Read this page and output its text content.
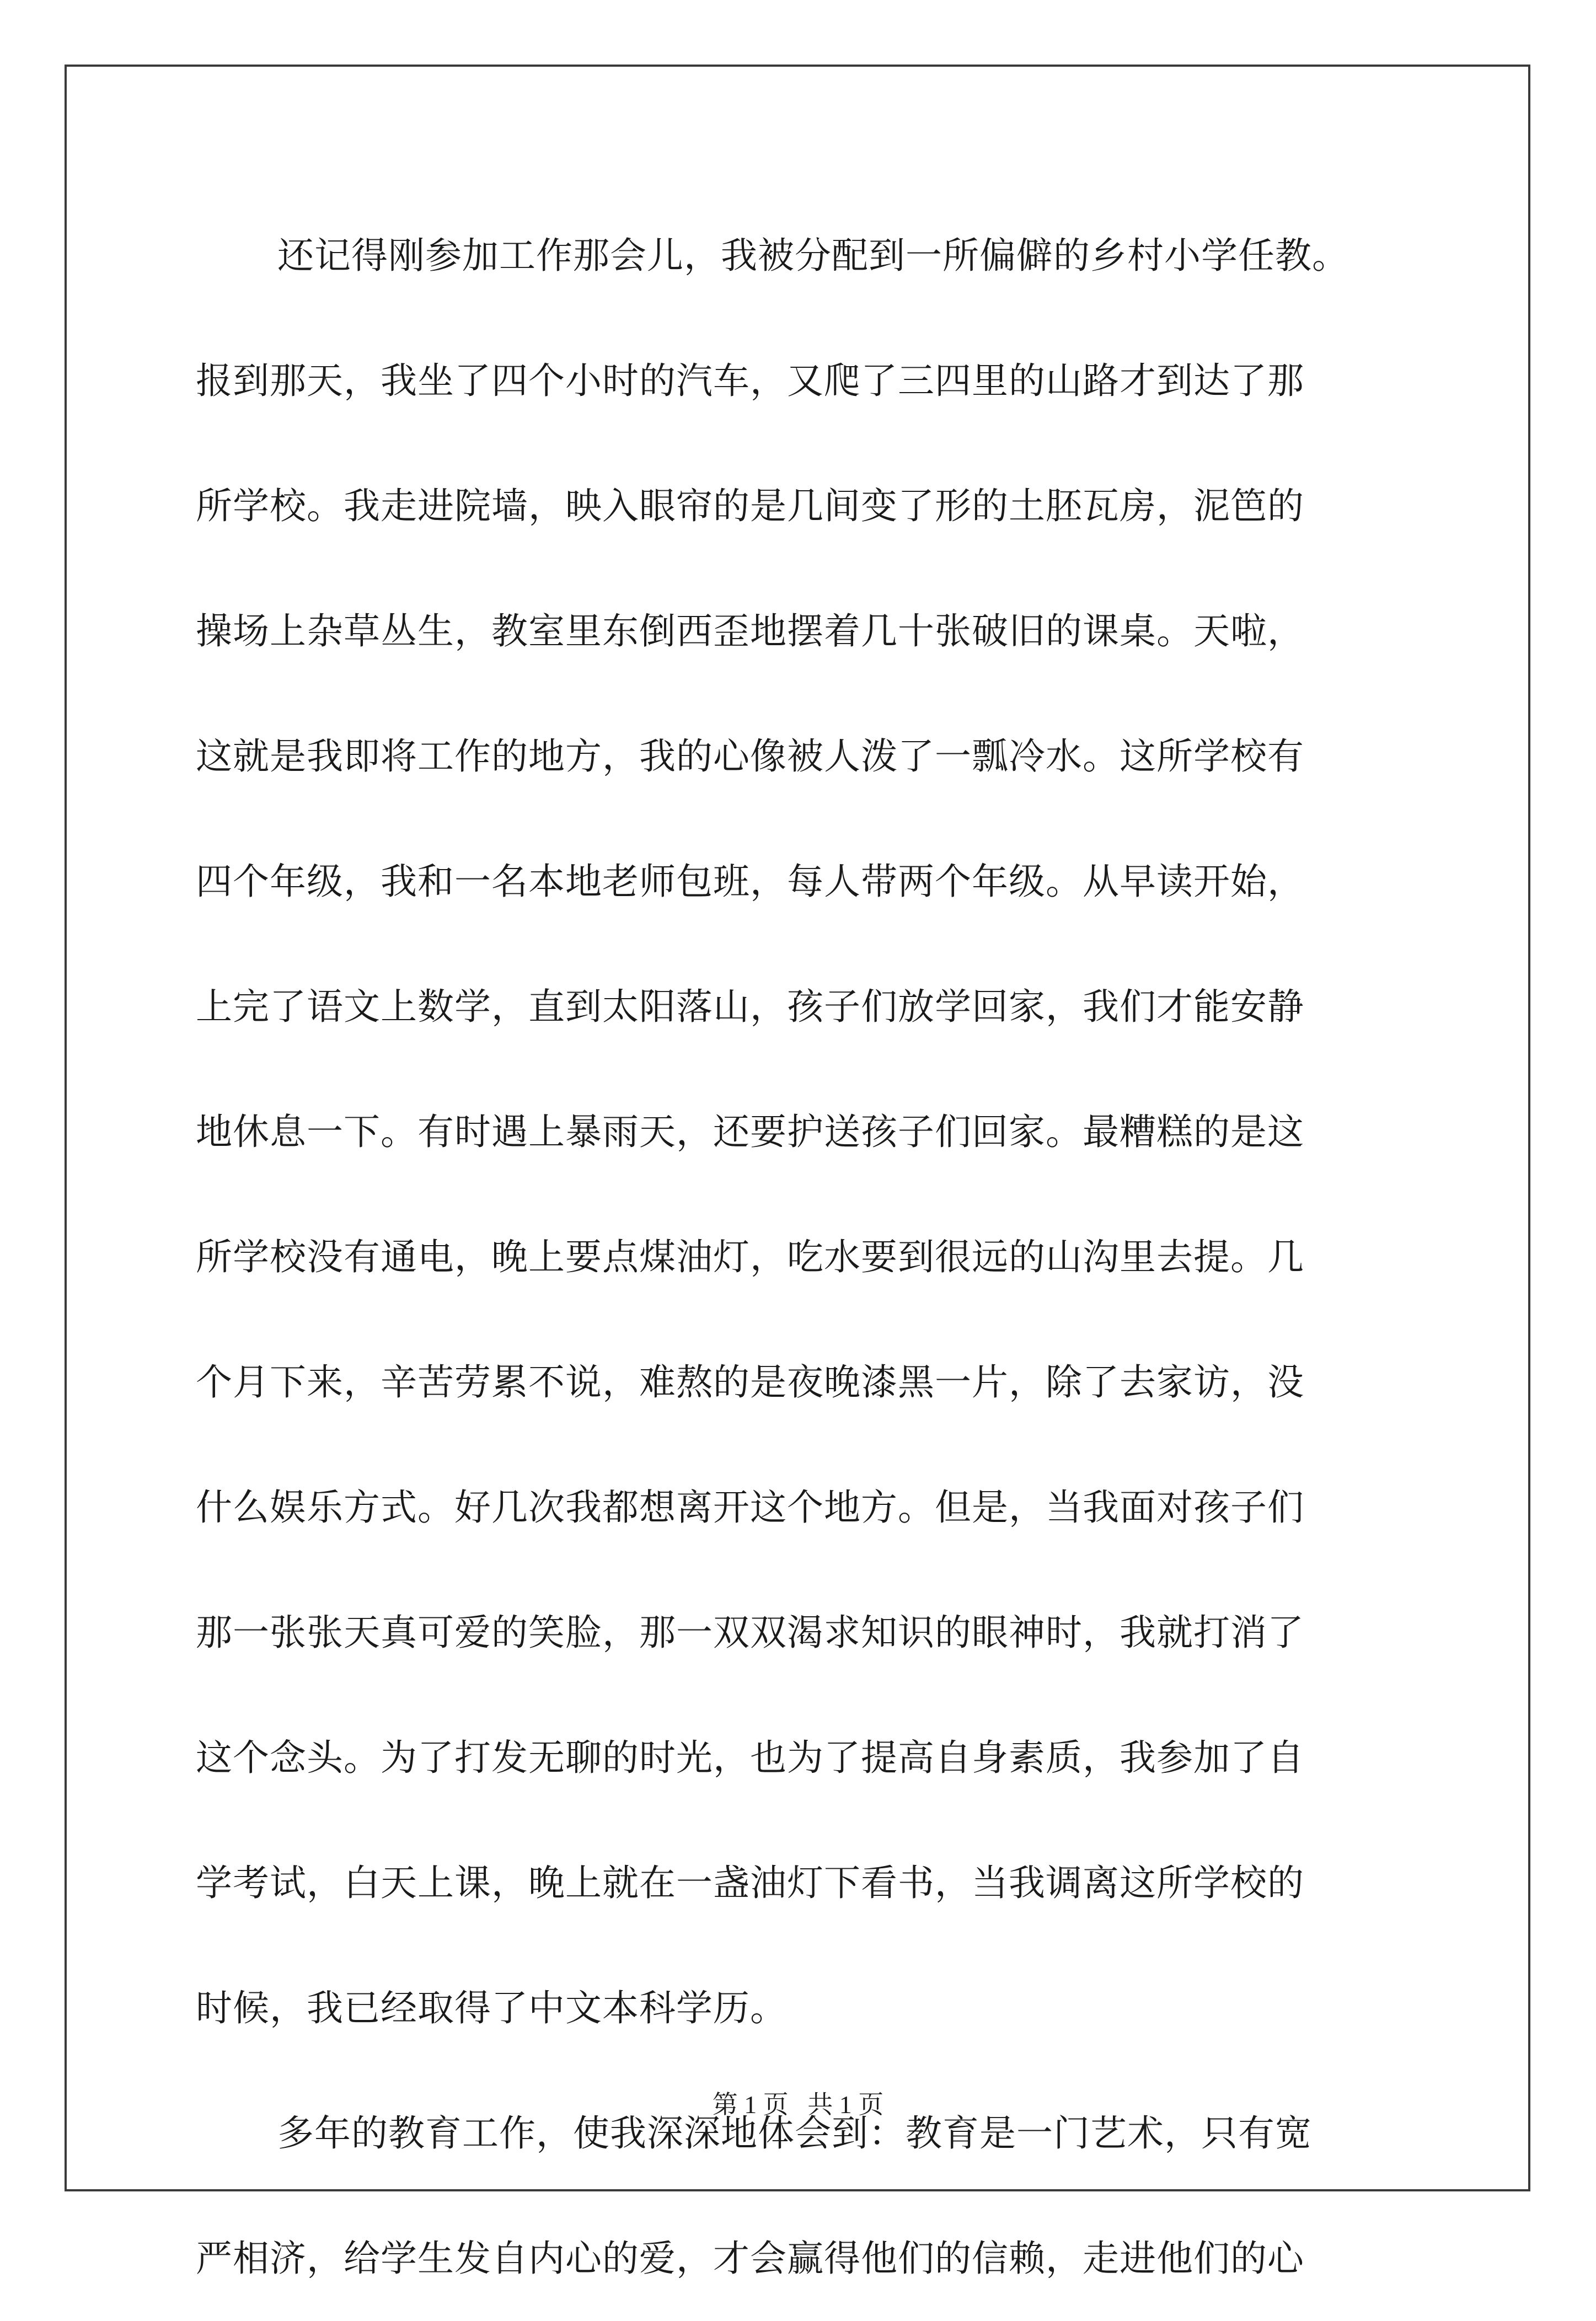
还记得刚参加工作那会儿，我被分配到一所偏僻的乡村小学任教。
报到那天，我坐了四个小时的汽车，又爬了三四里的山路才到达了那
所学校。我走进院墙，映入眼帘的是几间变了形的土胚瓦房，泥笆的
操场上杂草丛生，教室里东倒西歪地摆着几十张破旧的课桌。天啦，
这就是我即将工作的地方，我的心像被人泼了一瓢冷水。这所学校有
四个年级，我和一名本地老师包班，每人带两个年级。从早读开始，
上完了语文上数学，直到太阳落山，孩子们放学回家，我们才能安静
地休息一下。有时遇上暴雨天，还要护送孩子们回家。最糟糕的是这
所学校没有通电，晚上要点煤油灯，吃水要到很远的山沟里去提。几
个月下来，辛苦劳累不说，难熬的是夜晚漆黑一片，除了去家访，没
什么娱乐方式。好几次我都想离开这个地方。但是，当我面对孩子们
那一张张天真可爱的笑脸，那一双双渴求知识的眼神时，我就打消了
这个念头。为了打发无聊的时光，也为了提高自身素质，我参加了自
学考试，白天上课，晚上就在一盏油灯下看书，当我调离这所学校的
时候，我已经取得了中文本科学历。
多年的教育工作，使我深深地体会到：教育是一门艺术，只有宽
严相济，给学生发自内心的爱，才会赢得他们的信赖，走进他们的心
第 1 页   共 1 页
